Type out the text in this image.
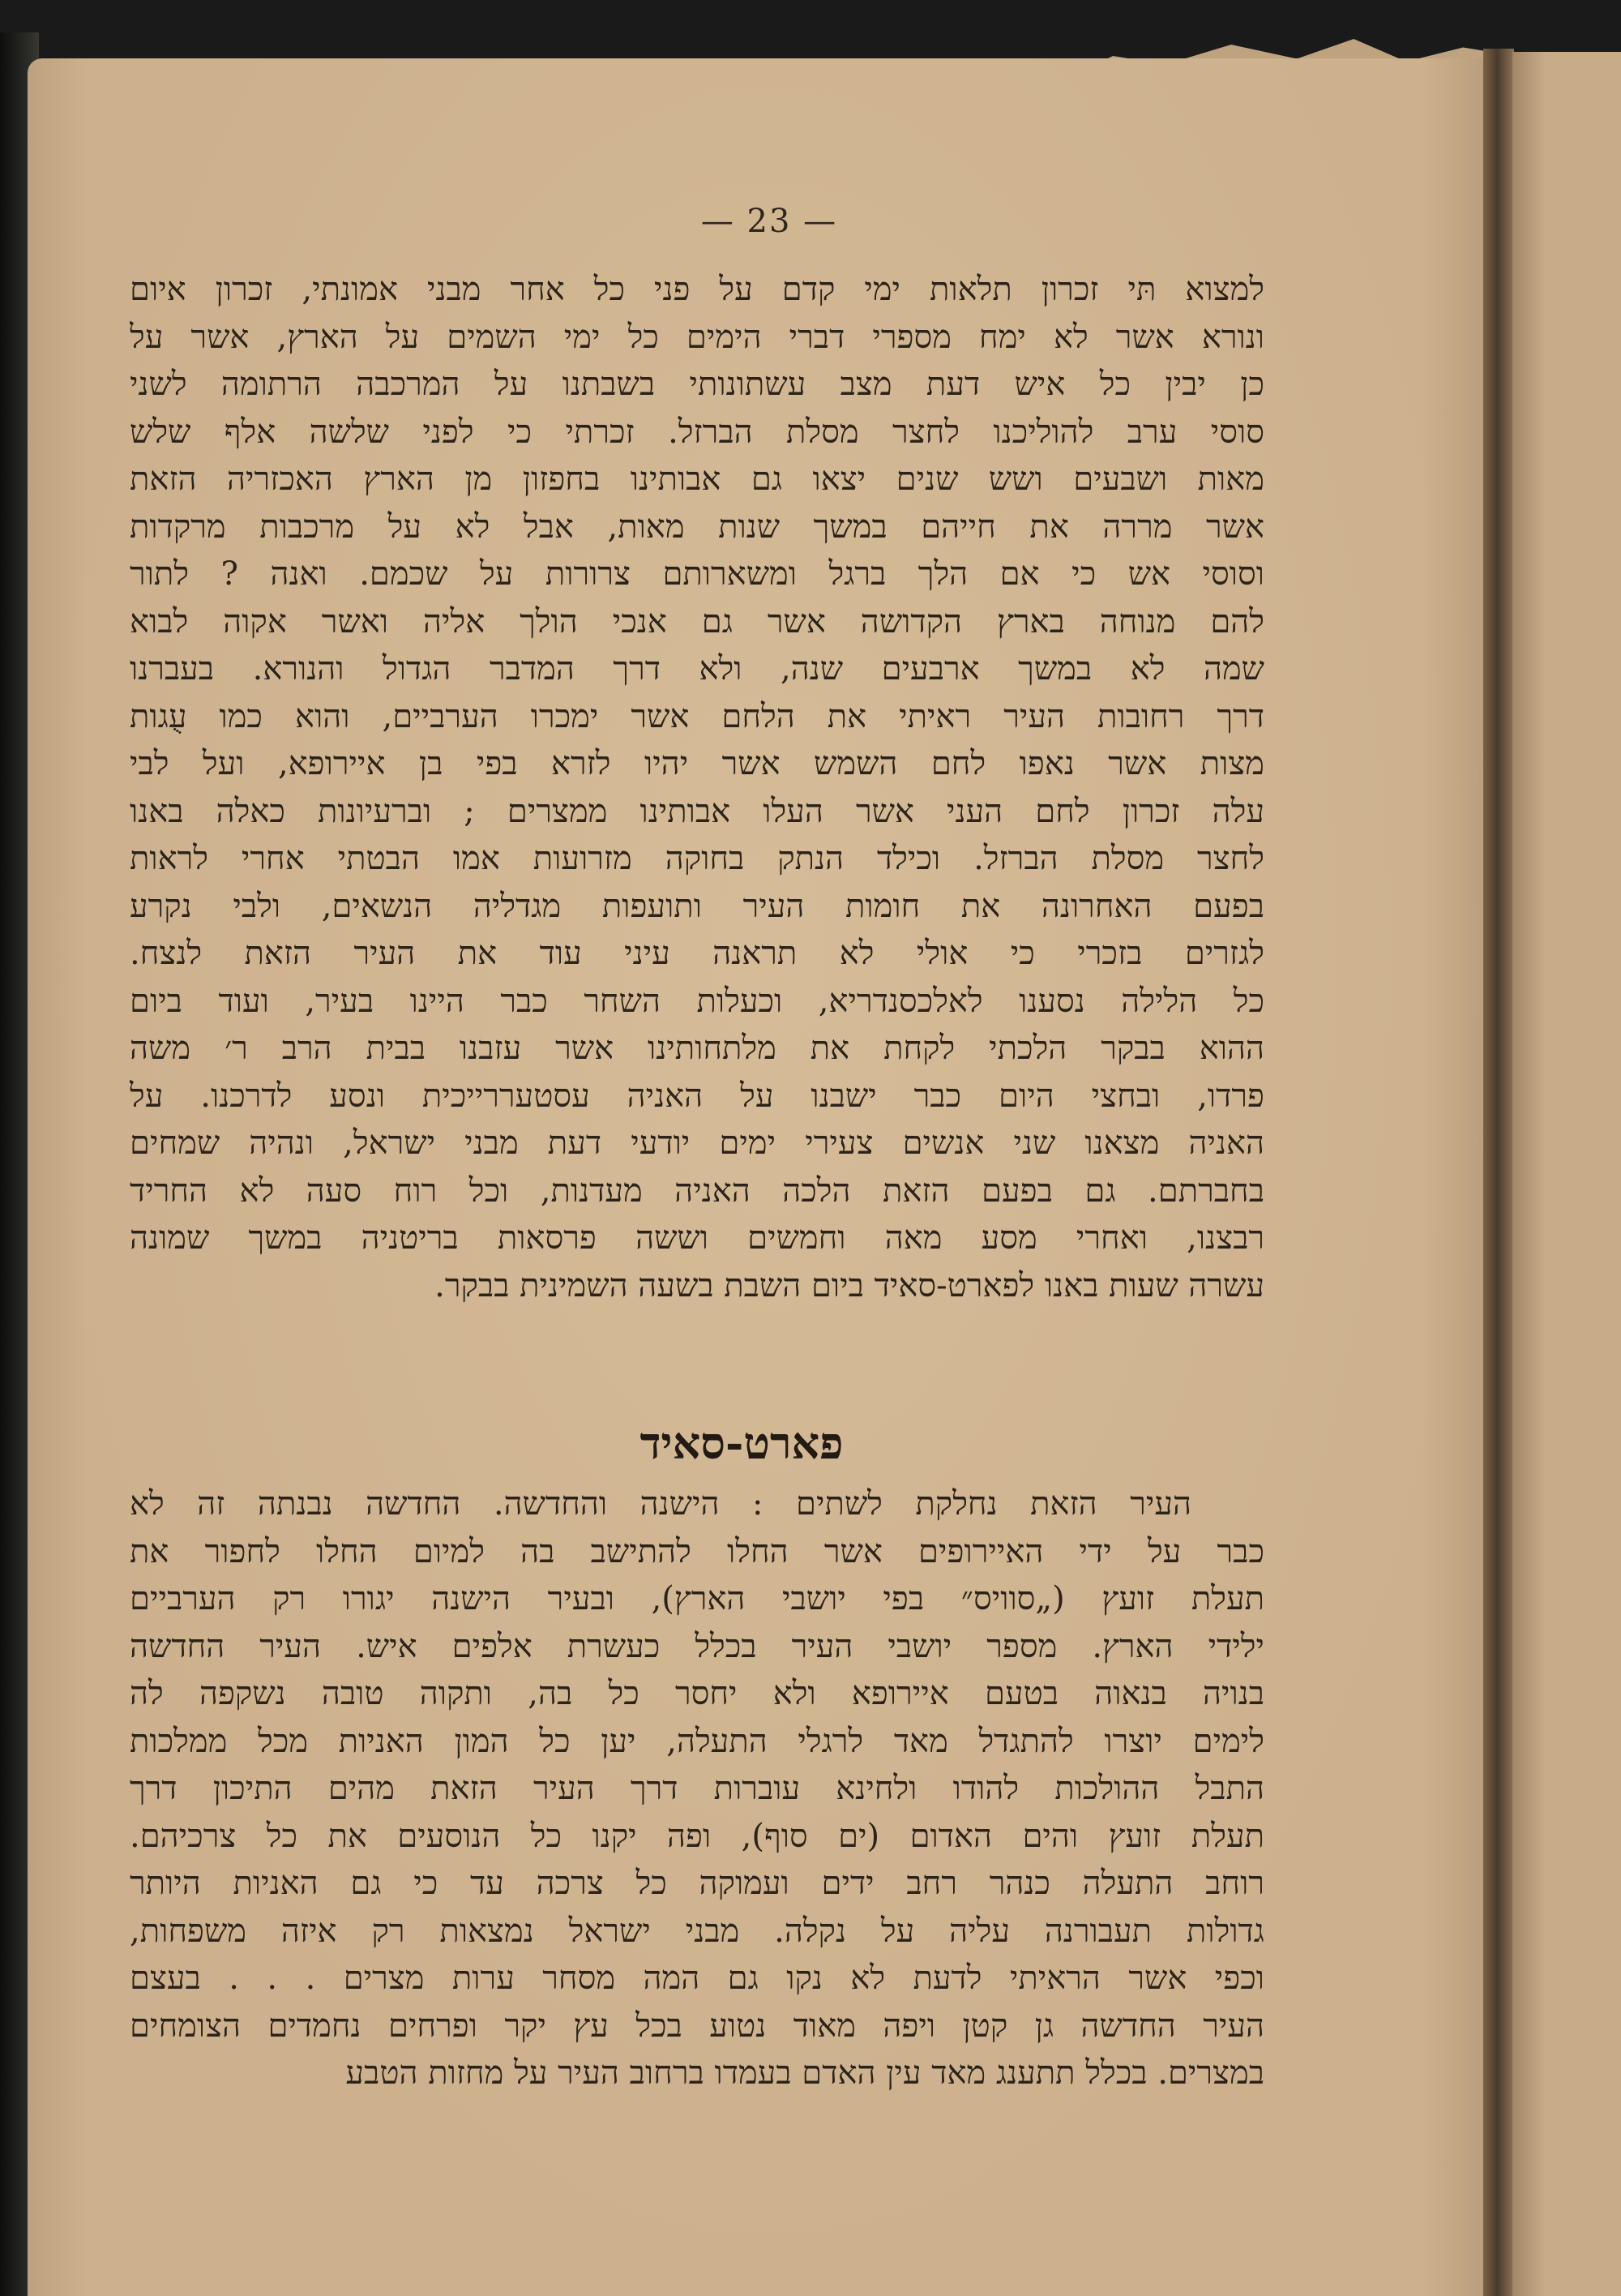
— 23 —
למצוא תּי זכרון תלאות ימי קדם על פני כל אחר מבני אמונתי, זכרון איום
ונורא אשר לא ימח מספרי דברי הימים כל ימי השמים על הארץ, אשר על
כן יבין כל איש דעת מצב עשתונותי בשבתנו על המרכבה הרתומה לשני
סוסי ערב להוליכנו לחצר מסלת הברזל. זכרתי כי לפני שלשה אלף שלש
מאות ושבעים ושש שנים יצאו גם אבותינו בחפזון מן הארץ האכזריה הזאת
אשר מררה את חייהם במשך שנות מאות, אבל לא על מרכבות מרקדות
וסוסי אש כי אם הלך ברגל ומשארותם צרורות על שכמם. ואנה ? לתור
להם מנוחה בארץ הקדושה אשר גם אנכי הולך אליה ואשר אקוה לבוא
שמה לא במשך ארבעים שנה, ולא דרך המדבר הגדול והנורא. בעברנו
דרך רחובות העיר ראיתי את הלחם אשר ימכרו הערביים, והוא כמו עֻגות
מצות אשר נאפו לחם השמש אשר יהיו לזרא בפי בן איירופא, ועל לבי
עלה זכרון לחם העני אשר העלו אבותינו ממצרים ; וברעיונות כאלה באנו
לחצר מסלת הברזל. וכילד הנתק בחוקה מזרועות אמו הבטתי אחרי לראות
בפעם האחרונה את חומות העיר ותועפות מגדליה הנשאים, ולבי נקרע
לגזרים בזכרי כי אולי לא תראנה עיני עוד את העיר הזאת לנצח.
כל הלילה נסענו לאלכסנדריא, וכעלות השחר כבר היינו בעיר, ועוד ביום
ההוא בבקר הלכתי לקחת את מלתחותינו אשר עזבנו בבית הרב ר׳ משה
פרדו, ובחצי היום כבר ישבנו על האניה עסטעררייכית ונסע לדרכנו. על
האניה מצאנו שני אנשים צעירי ימים יודעי דעת מבני ישראל, ונהיה שמחים
בחברתם. גם בפעם הזאת הלכה האניה מעדנות, וכל רוח סעה לא החריד
רבצנו, ואחרי מסע מאה וחמשים וששה פרסאות בריטניה במשך שמונה
עשרה שעות באנו לפארט-סאיד ביום השבת בשעה השמינית בבקר.
פארט-סאיד
העיר הזאת נחלקת לשתים : הישנה והחדשה. החדשה נבנתה זה לא
כבר על ידי האיירופים אשר החלו להתישב בה למיום החלו לחפור את
תעלת זועץ („סוויס״ בפי יושבי הארץ), ובעיר הישנה יגורו רק הערביים
ילידי הארץ. מספר יושבי העיר בכלל כעשרת אלפים איש. העיר החדשה
בנויה בנאוה בטעם איירופא ולא יחסר כל בה, ותקוה טובה נשקפה לה
לימים יוצרו להתגדל מאד לרגלי התעלה, יען כל המון האניות מכל ממלכות
התבל ההולכות להודו ולחינא עוברות דרך העיר הזאת מהים התיכון דרך
תעלת זועץ והים האדום (ים סוף), ופה יקנו כל הנוסעים את כל צרכיהם.
רוחב התעלה כנהר רחב ידים ועמוקה כל צרכה עד כי גם האניות היותר
גדולות תעבורנה עליה על נקלה. מבני ישראל נמצאות רק איזה משפחות,
וכפי אשר הראיתי לדעת לא נקו גם המה מסחר ערות מצרים . . . בעצם
העיר החדשה גן קטן ויפה מאוד נטוע בכל עץ יקר ופרחים נחמדים הצומחים
במצרים. בכלל תתענג מאד עין האדם בעמדו ברחוב העיר על מחזות הטבע
